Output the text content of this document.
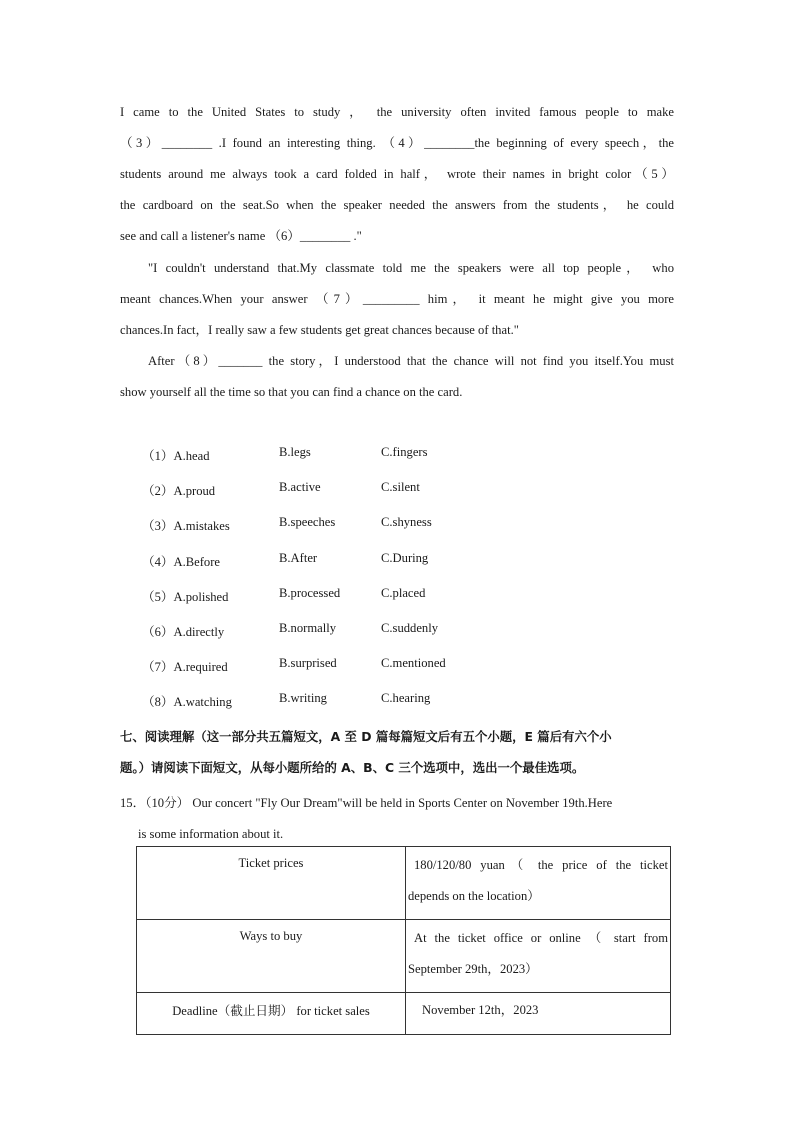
I came to the United States to study ， the university often invited famous people to make
（3）________ .I found an interesting thing. （4）________the beginning of every speech，the
students around me always took a card folded in half， wrote their names in bright color（5）
the cardboard on the seat.So when the speaker needed the answers from the students， he could
see and call a listener's name （6）________ ."
"I couldn't understand that.My classmate told me the speakers were all top people， who
meant chances.When your answer （7）_________ him， it meant he might give you more
chances.In fact，I really saw a few students get great chances because of that."
After（8）_______ the story，I understood that the chance will not find you itself.You must
show yourself all the time so that you can find a chance on the card.
（1）A.head	B.legs	C.fingers
（2）A.proud	B.active	C.silent
（3）A.mistakes	B.speeches	C.shyness
（4）A.Before	B.After	C.During
（5）A.polished	B.processed	C.placed
（6）A.directly	B.normally	C.suddenly
（7）A.required	B.surprised	C.mentioned
（8）A.watching	B.writing	C.hearing
七、阅读理解（这一部分共五篇短文，A 至 D 篇每篇短文后有五个小题，E 篇后有六个小
题。）请阅读下面短文，从每小题所给的 A、B、C 三个选项中，选出一个最佳选项。
15．（10分） Our concert "Fly Our Dream"will be held in Sports Center on November 19th.Here
is some information about it.
Ticket prices	180/120/80 yuan（ the price of the ticket
depends on the location）

Ways to buy	At the ticket office or online （ start from
September 29th，2023）

Deadline（截止日期） for ticket sales	November 12th，2023
